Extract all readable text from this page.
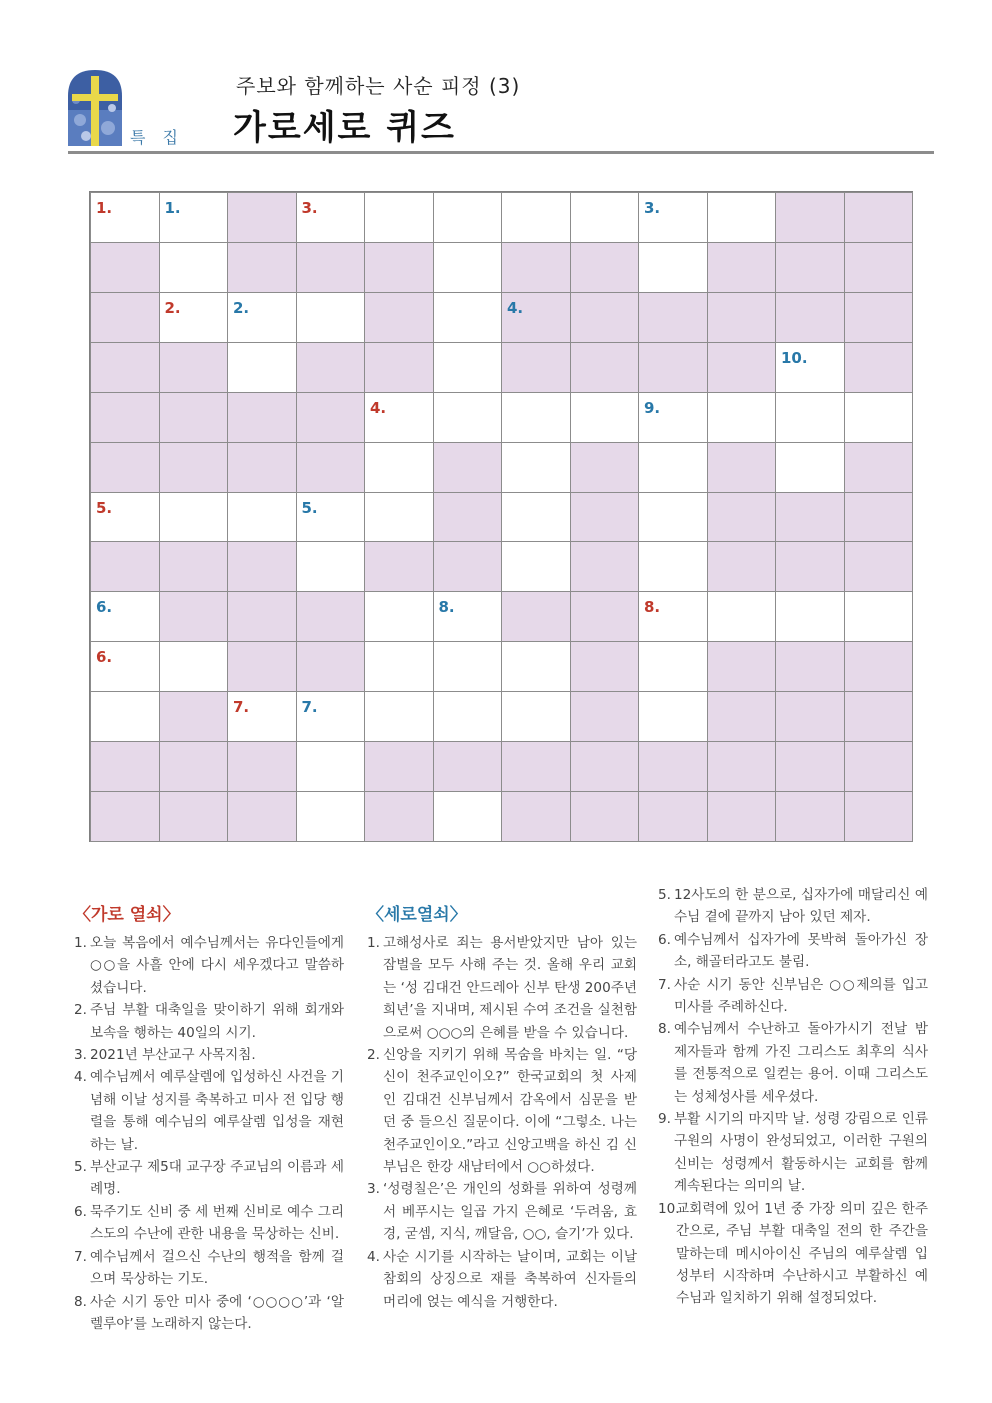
특 집
주보와 함께하는 사순 피정 (3)
가로세로 퀴즈
1.	1.	3.	3.
2.	2.	4.
10.
4.	9.
5.	5.
6.	8.	8.
6.
7.	7.
〈가로 열쇠〉
1. 오늘 복음에서 예수님께서는 유다인들에게 ○○을 사흘 안에 다시 세우겠다고 말씀하셨습니다.
2. 주님 부활 대축일을 맞이하기 위해 회개와 보속을 행하는 40일의 시기.
3. 2021년 부산교구 사목지침.
4. 예수님께서 예루살렘에 입성하신 사건을 기념해 이날 성지를 축복하고 미사 전 입당 행렬을 통해 예수님의 예루살렘 입성을 재현하는 날.
5. 부산교구 제5대 교구장 주교님의 이름과 세례명.
6. 묵주기도 신비 중 세 번째 신비로 예수 그리스도의 수난에 관한 내용을 묵상하는 신비.
7. 예수님께서 걸으신 수난의 행적을 함께 걸으며 묵상하는 기도.
8. 사순 시기 동안 미사 중에 ‘○○○○’과 ‘알렐루야’를 노래하지 않는다.
〈세로열쇠〉
1. 고해성사로 죄는 용서받았지만 남아 있는 잠벌을 모두 사해 주는 것. 올해 우리 교회는 ‘성 김대건 안드레아 신부 탄생 200주년 희년’을 지내며, 제시된 수여 조건을 실천함으로써 ○○○의 은혜를 받을 수 있습니다.
2. 신앙을 지키기 위해 목숨을 바치는 일. “당신이 천주교인이오?” 한국교회의 첫 사제인 김대건 신부님께서 감옥에서 심문을 받던 중 들으신 질문이다. 이에 “그렇소. 나는 천주교인이오.”라고 신앙고백을 하신 김 신부님은 한강 새남터에서 ○○하셨다.
3. ‘성령칠은’은 개인의 성화를 위하여 성령께서 베푸시는 일곱 가지 은혜로 ‘두려움, 효경, 굳셈, 지식, 깨달음, ○○, 슬기’가 있다.
4. 사순 시기를 시작하는 날이며, 교회는 이날 참회의 상징으로 재를 축복하여 신자들의 머리에 얹는 예식을 거행한다.
5. 12사도의 한 분으로, 십자가에 매달리신 예수님 곁에 끝까지 남아 있던 제자.
6. 예수님께서 십자가에 못박혀 돌아가신 장소, 해골터라고도 불림.
7. 사순 시기 동안 신부님은 ○○제의를 입고 미사를 주례하신다.
8. 예수님께서 수난하고 돌아가시기 전날 밤 제자들과 함께 가진 그리스도 최후의 식사를 전통적으로 일컫는 용어. 이때 그리스도는 성체성사를 세우셨다.
9. 부활 시기의 마지막 날. 성령 강림으로 인류 구원의 사명이 완성되었고, 이러한 구원의 신비는 성령께서 활동하시는 교회를 함께 계속된다는 의미의 날.
10.
교회력에 있어 1년 중 가장 의미 깊은 한주간으로, 주님 부활 대축일 전의 한 주간을 말하는데 메시아이신 주님의 예루살렘 입성부터 시작하며 수난하시고 부활하신 예수님과 일치하기 위해 설정되었다.
